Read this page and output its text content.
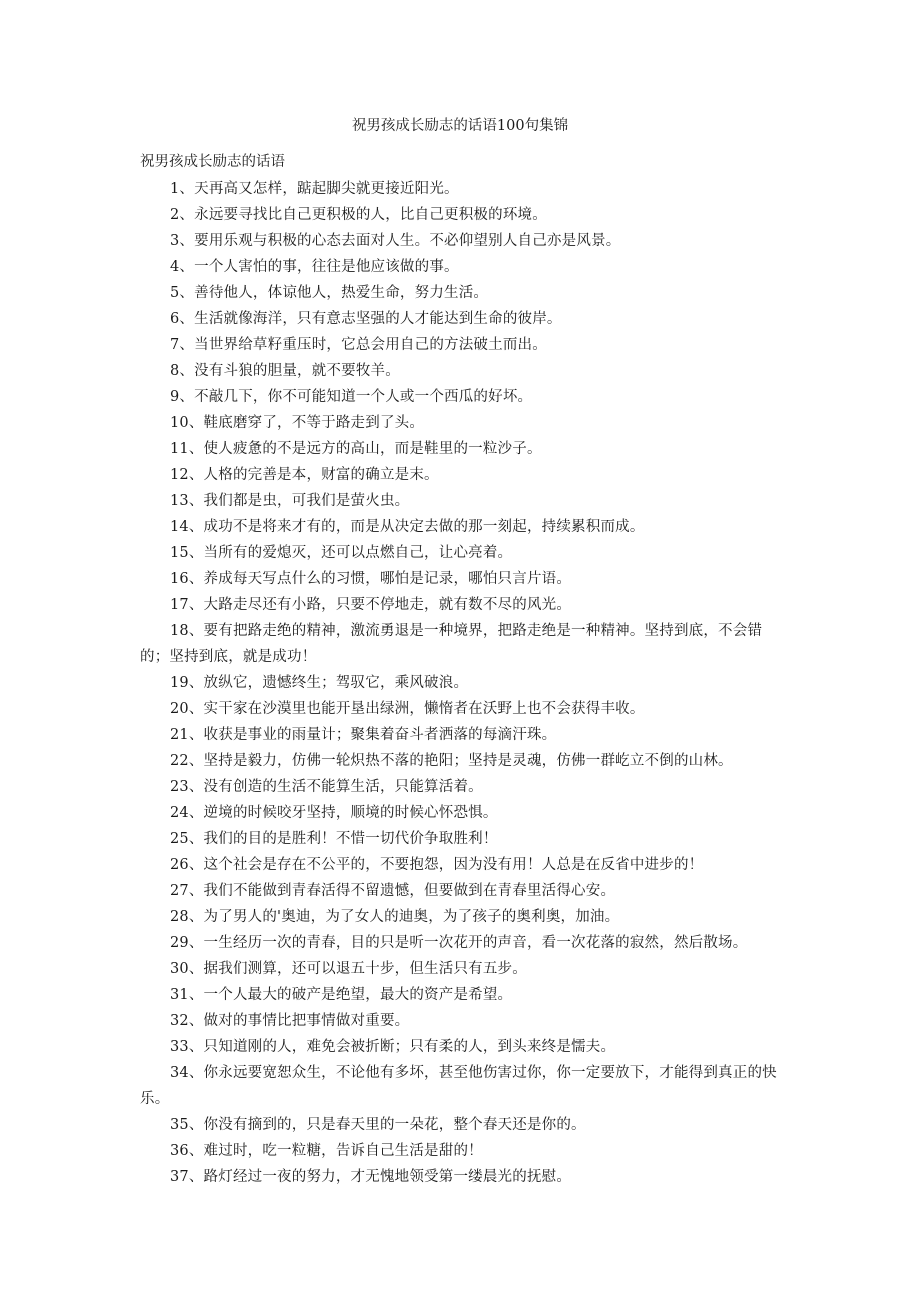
祝男孩成长励志的话语100句集锦
祝男孩成长励志的话语
1、天再高又怎样，踮起脚尖就更接近阳光。
2、永远要寻找比自己更积极的人，比自己更积极的环境。
3、要用乐观与积极的心态去面对人生。不必仰望别人自己亦是风景。
4、一个人害怕的事，往往是他应该做的事。
5、善待他人，体谅他人，热爱生命，努力生活。
6、生活就像海洋，只有意志坚强的人才能达到生命的彼岸。
7、当世界给草籽重压时，它总会用自己的方法破土而出。
8、没有斗狼的胆量，就不要牧羊。
9、不敲几下，你不可能知道一个人或一个西瓜的好坏。
10、鞋底磨穿了，不等于路走到了头。
11、使人疲惫的不是远方的高山，而是鞋里的一粒沙子。
12、人格的完善是本，财富的确立是末。
13、我们都是虫，可我们是萤火虫。
14、成功不是将来才有的，而是从决定去做的那一刻起，持续累积而成。
15、当所有的爱熄灭，还可以点燃自己，让心亮着。
16、养成每天写点什么的习惯，哪怕是记录，哪怕只言片语。
17、大路走尽还有小路，只要不停地走，就有数不尽的风光。
18、要有把路走绝的精神，激流勇退是一种境界，把路走绝是一种精神。坚持到底，不会错的；坚持到底，就是成功！
19、放纵它，遗憾终生；驾驭它，乘风破浪。
20、实干家在沙漠里也能开垦出绿洲，懒惰者在沃野上也不会获得丰收。
21、收获是事业的雨量计；聚集着奋斗者洒落的每滴汗珠。
22、坚持是毅力，仿佛一轮炽热不落的艳阳；坚持是灵魂，仿佛一群屹立不倒的山林。
23、没有创造的生活不能算生活，只能算活着。
24、逆境的时候咬牙坚持，顺境的时候心怀恐惧。
25、我们的目的是胜利！不惜一切代价争取胜利！
26、这个社会是存在不公平的，不要抱怨，因为没有用！人总是在反省中进步的！
27、我们不能做到青春活得不留遗憾，但要做到在青春里活得心安。
28、为了男人的'奥迪，为了女人的迪奥，为了孩子的奥利奥，加油。
29、一生经历一次的青春，目的只是听一次花开的声音，看一次花落的寂然，然后散场。
30、据我们测算，还可以退五十步，但生活只有五步。
31、一个人最大的破产是绝望，最大的资产是希望。
32、做对的事情比把事情做对重要。
33、只知道刚的人，难免会被折断；只有柔的人，到头来终是懦夫。
34、你永远要宽恕众生，不论他有多坏，甚至他伤害过你，你一定要放下，才能得到真正的快乐。
35、你没有摘到的，只是春天里的一朵花，整个春天还是你的。
36、难过时，吃一粒糖，告诉自己生活是甜的！
37、路灯经过一夜的努力，才无愧地领受第一缕晨光的抚慰。
